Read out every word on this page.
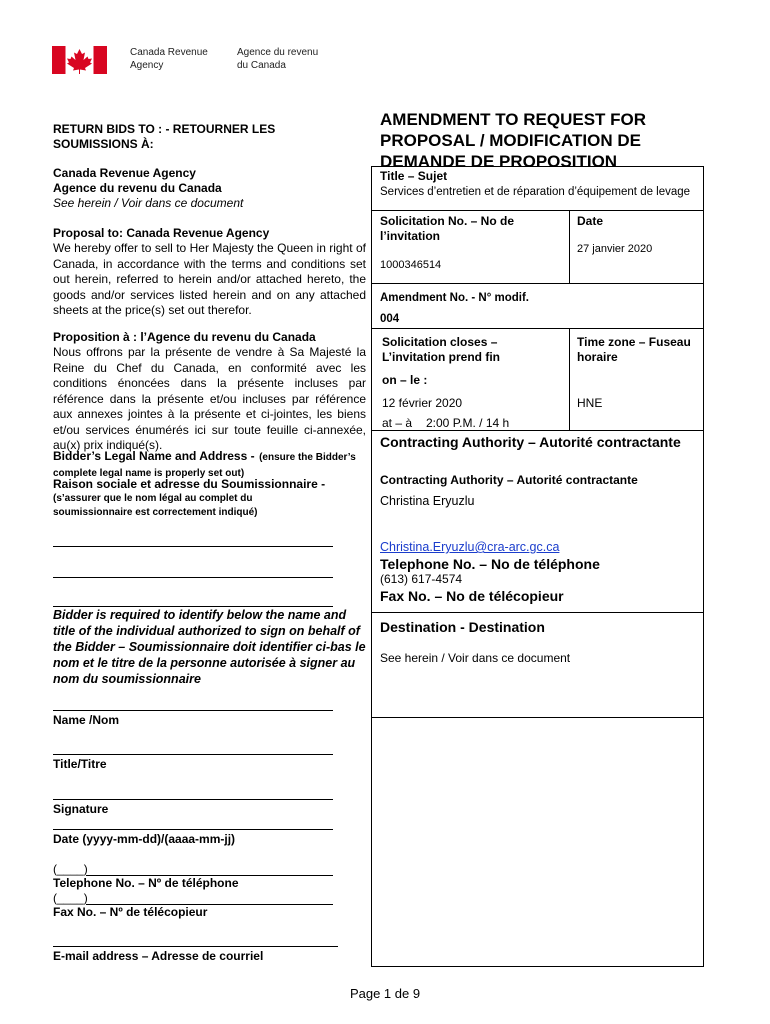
Canada Revenue Agency
Agence du revenu du Canada
AMENDMENT TO REQUEST FOR PROPOSAL / MODIFICATION DE DEMANDE DE PROPOSITION
RETURN BIDS TO : - RETOURNER LES SOUMISSIONS À:
Canada Revenue Agency
Agence du revenu du Canada
See herein / Voir dans ce document
Proposal to: Canada Revenue Agency
We hereby offer to sell to Her Majesty the Queen in right of Canada, in accordance with the terms and conditions set out herein, referred to herein and/or attached hereto, the goods and/or services listed herein and on any attached sheets at the price(s) set out therefor.
Proposition à : l’Agence du revenu du Canada
Nous offrons par la présente de vendre à Sa Majesté la Reine du Chef du Canada, en conformité avec les conditions énoncées dans la présente incluses par référence dans la présente et/ou incluses par référence aux annexes jointes à la présente et ci-jointes, les biens et/ou services énumérés ici sur toute feuille ci-annexée, au(x) prix indiqué(s).
Bidder’s Legal Name and Address - (ensure the Bidder’s complete legal name is properly set out)
Raison sociale et adresse du Soumissionnaire -
(s’assurer que le nom légal au complet du soumissionnaire est correctement indiqué)
Bidder is required to identify below the name and title of the individual authorized to sign on behalf of the Bidder – Soumissionnaire doit identifier ci-bas le nom et le titre de la personne autorisée à signer au nom du soumissionnaire
Name /Nom
Title/Titre
Signature
Date (yyyy-mm-dd)/(aaaa-mm-jj)
(____)
Telephone No. – Nº de téléphone
(____)
Fax No. – Nº de télécopieur
E-mail address – Adresse de courriel
Title – Sujet
Services d’entretien et de réparation d’équipement de levage
Solicitation No. – No de l’invitation
1000346514
Date
27 janvier 2020
Amendment No. - N° modif.
004
Solicitation closes – L’invitation prend fin
on – le :
12 février 2020
at – à 2:00 P.M. / 14 h
Time zone – Fuseau horaire
HNE
Contracting Authority – Autorité contractante
Contracting Authority – Autorité contractante
Christina Eryuzlu
Christina.Eryuzlu@cra-arc.gc.ca
Telephone No. – No de téléphone
(613) 617-4574
Fax No. – No de télécopieur
Destination - Destination
See herein / Voir dans ce document
Page 1 de 9
